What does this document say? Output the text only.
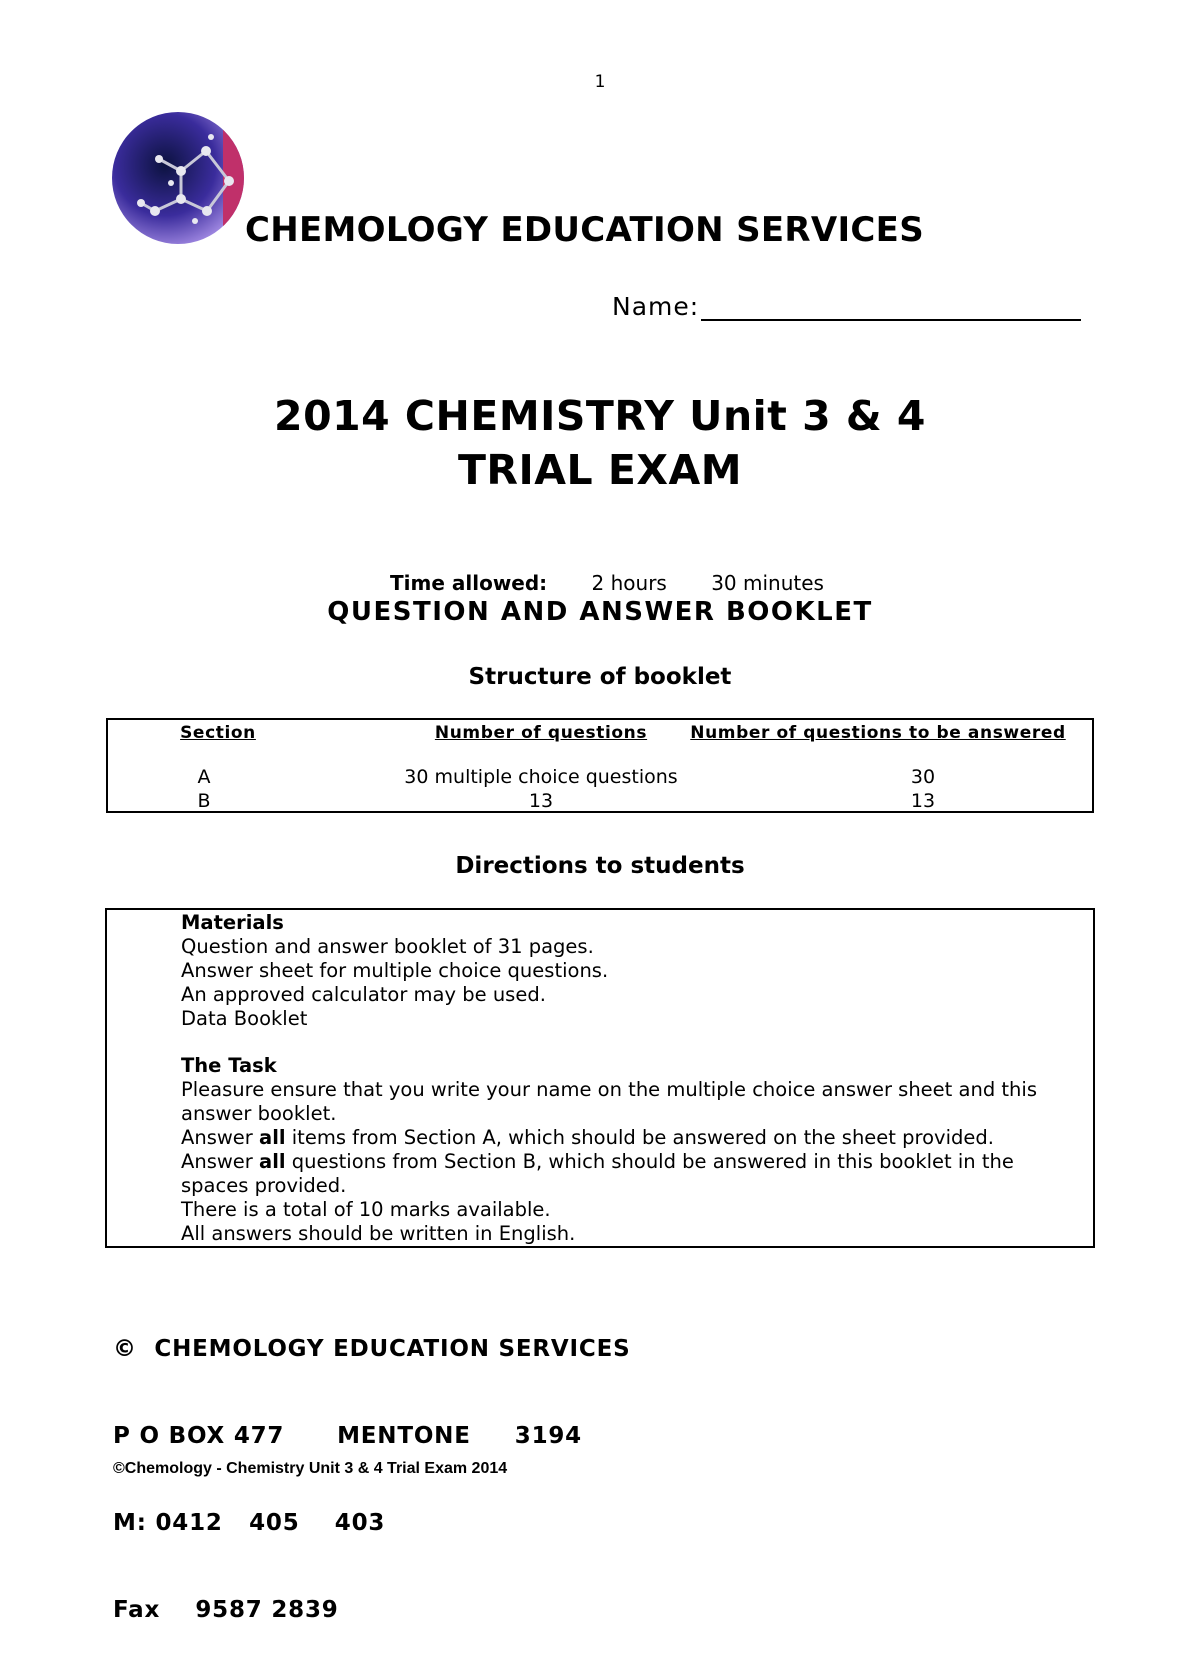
1
CHEMOLOGY EDUCATION SERVICES
Name:
2014 CHEMISTRY Unit 3 & 4
TRIAL EXAM
Time allowed: 2 hours 30 minutes
QUESTION AND ANSWER BOOKLET
Structure of booklet
Section	Number of questions	Number of questions to be answered
A	30 multiple choice questions	30
B	13	13
Directions to students
Materials
Question and answer booklet of 31 pages.
Answer sheet for multiple choice questions.
An approved calculator may be used.
Data Booklet
The Task
Pleasure ensure that you write your name on the multiple choice answer sheet and this
answer booklet.
Answer all items from Section A, which should be answered on the sheet provided.
Answer all questions from Section B, which should be answered in this booklet in the
spaces provided.
There is a total of 10 marks available.
All answers should be written in English.

©  CHEMOLOGY EDUCATION SERVICES

P O BOX 477      MENTONE     3194

M: 0412   405    403

Fax    9587 2839

©Chemology - Chemistry Unit 3 & 4 Trial Exam 2014
